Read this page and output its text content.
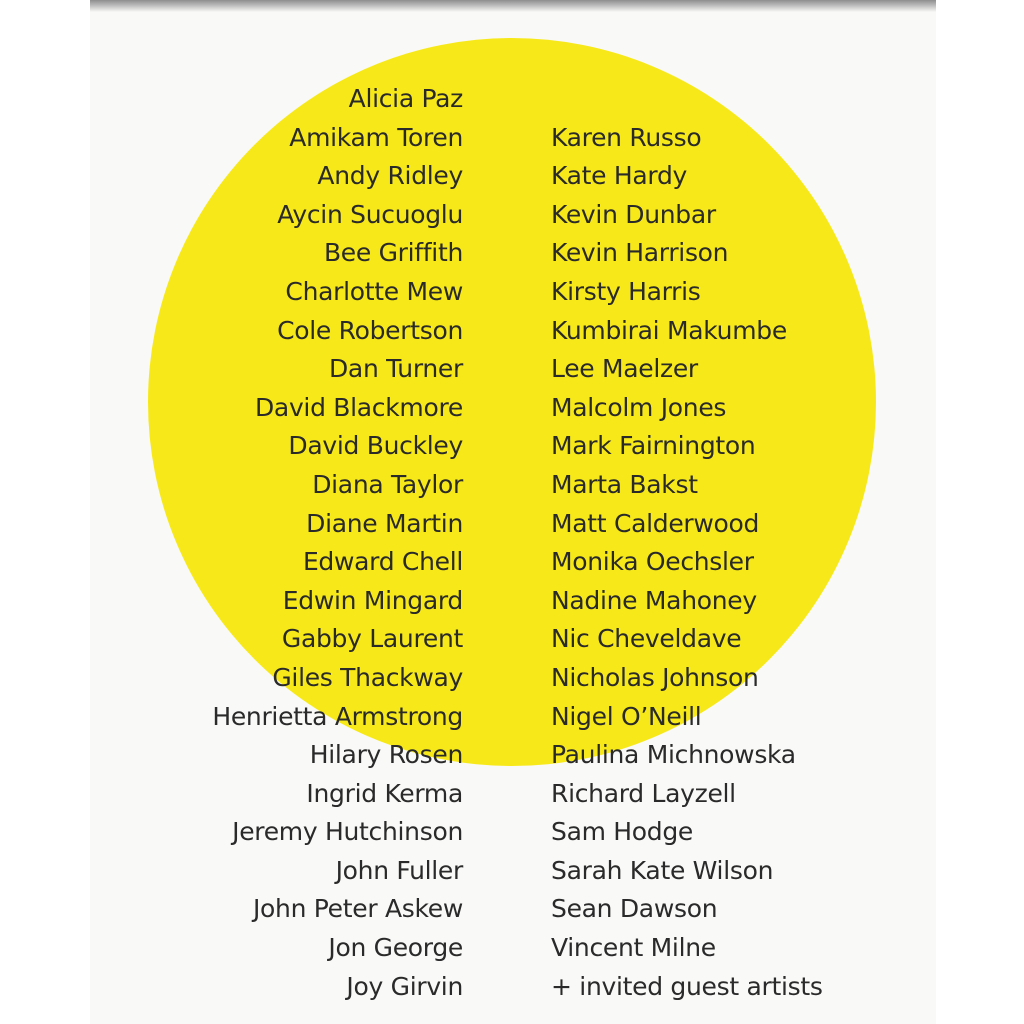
Alicia Paz
Amikam Toren
Andy Ridley
Aycin Sucuoglu
Bee Griffith
Charlotte Mew
Cole Robertson
Dan Turner
David Blackmore
David Buckley
Diana Taylor
Diane Martin
Edward Chell
Edwin Mingard
Gabby Laurent
Giles Thackway
Henrietta Armstrong
Hilary Rosen
Ingrid Kerma
Jeremy Hutchinson
John Fuller
John Peter Askew
Jon George
Joy Girvin
Karen Russo
Kate Hardy
Kevin Dunbar
Kevin Harrison
Kirsty Harris
Kumbirai Makumbe
Lee Maelzer
Malcolm Jones
Mark Fairnington
Marta Bakst
Matt Calderwood
Monika Oechsler
Nadine Mahoney
Nic Cheveldave
Nicholas Johnson
Nigel O’Neill
Paulina Michnowska
Richard Layzell
Sam Hodge
Sarah Kate Wilson
Sean Dawson
Vincent Milne
+ invited guest artists
